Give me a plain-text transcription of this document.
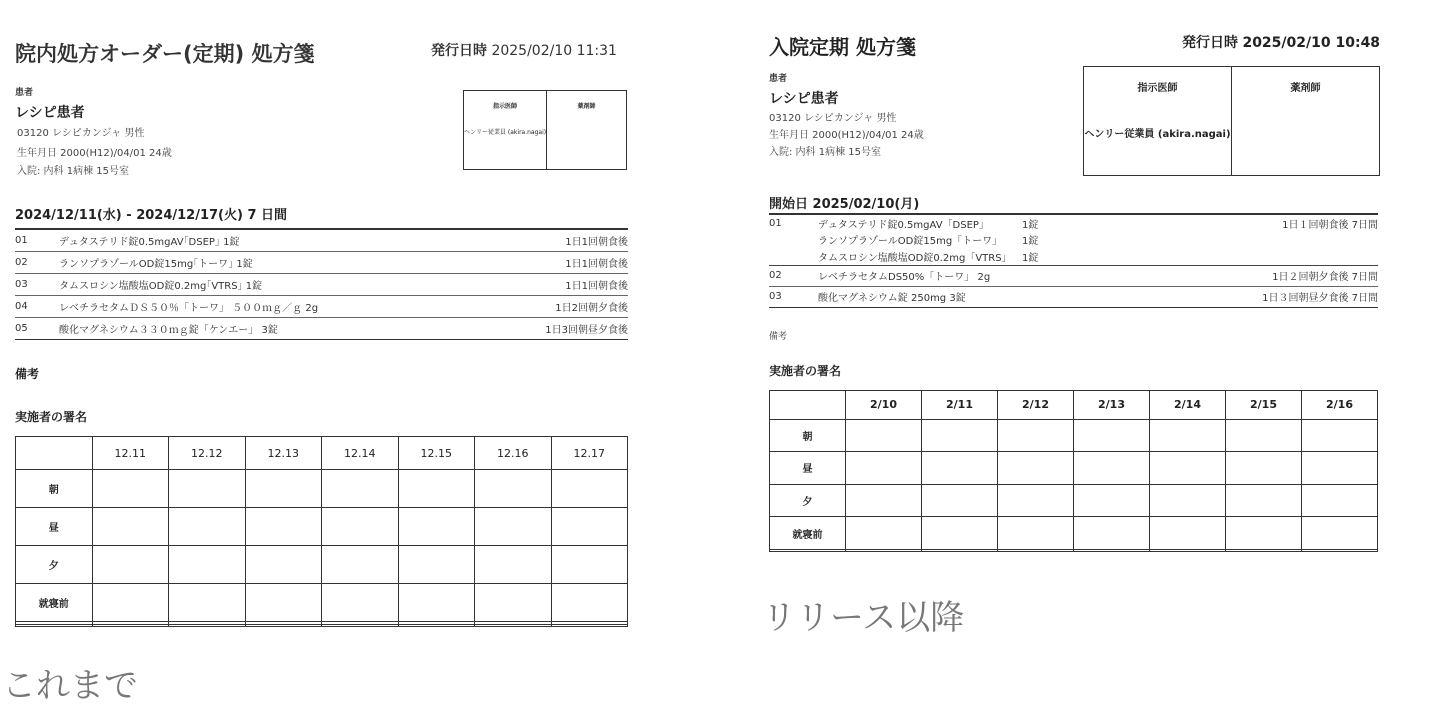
院内処方オーダー(定期) 処方箋	発行日時 2025/02/10 11:31
患者
レシピ患者
03120 レシピカンジャ 男性
生年月日 2000(H12)/04/01 24歳
入院: 内科 1病棟 15号室
指示医師
ヘンリー従業員 (akira.nagai)
薬剤師
2024/12/11(水) - 2024/12/17(火) 7 日間
01	デュタステリド錠0.5mgAV｢DSEP｣ 1錠	1日1回朝食後
02	ランソプラゾールOD錠15mg｢トーワ｣ 1錠	1日1回朝食後
03	タムスロシン塩酸塩OD錠0.2mg｢VTRS｣ 1錠	1日1回朝食後
04	レベチラセタムＤＳ５０％「トーワ」 ５００ｍｇ／ｇ 2g	1日2回朝夕食後
05	酸化マグネシウム３３０ｍｇ錠「ケンエー」 3錠	1日3回朝昼夕食後
備考
実施者の署名
	12.11	12.12	12.13	12.14	12.15	12.16	12.17
朝							
昼							
夕							
就寝前							

これまで
入院定期 処方箋	発行日時 2025/02/10 10:48
患者
レシピ患者
03120 レシピカンジャ 男性
生年月日 2000(H12)/04/01 24歳
入院: 内科 1病棟 15号室
指示医師
ヘンリー従業員 (akira.nagai)
薬剤師
開始日 2025/02/10(月)
01	デュタステリド錠0.5mgAV「DSEP」	1錠	1日１回朝食後 7日間
	ランソプラゾールOD錠15mg「トーワ」	1錠	
	タムスロシン塩酸塩OD錠0.2mg「VTRS」	1錠	
02	レベチラセタムDS50%「トーワ」 2g		1日２回朝夕食後 7日間
03	酸化マグネシウム錠 250mg 3錠		1日３回朝昼夕食後 7日間
備考
実施者の署名
	2/10	2/11	2/12	2/13	2/14	2/15	2/16
朝							
昼							
夕							
就寝前							

リリース以降
